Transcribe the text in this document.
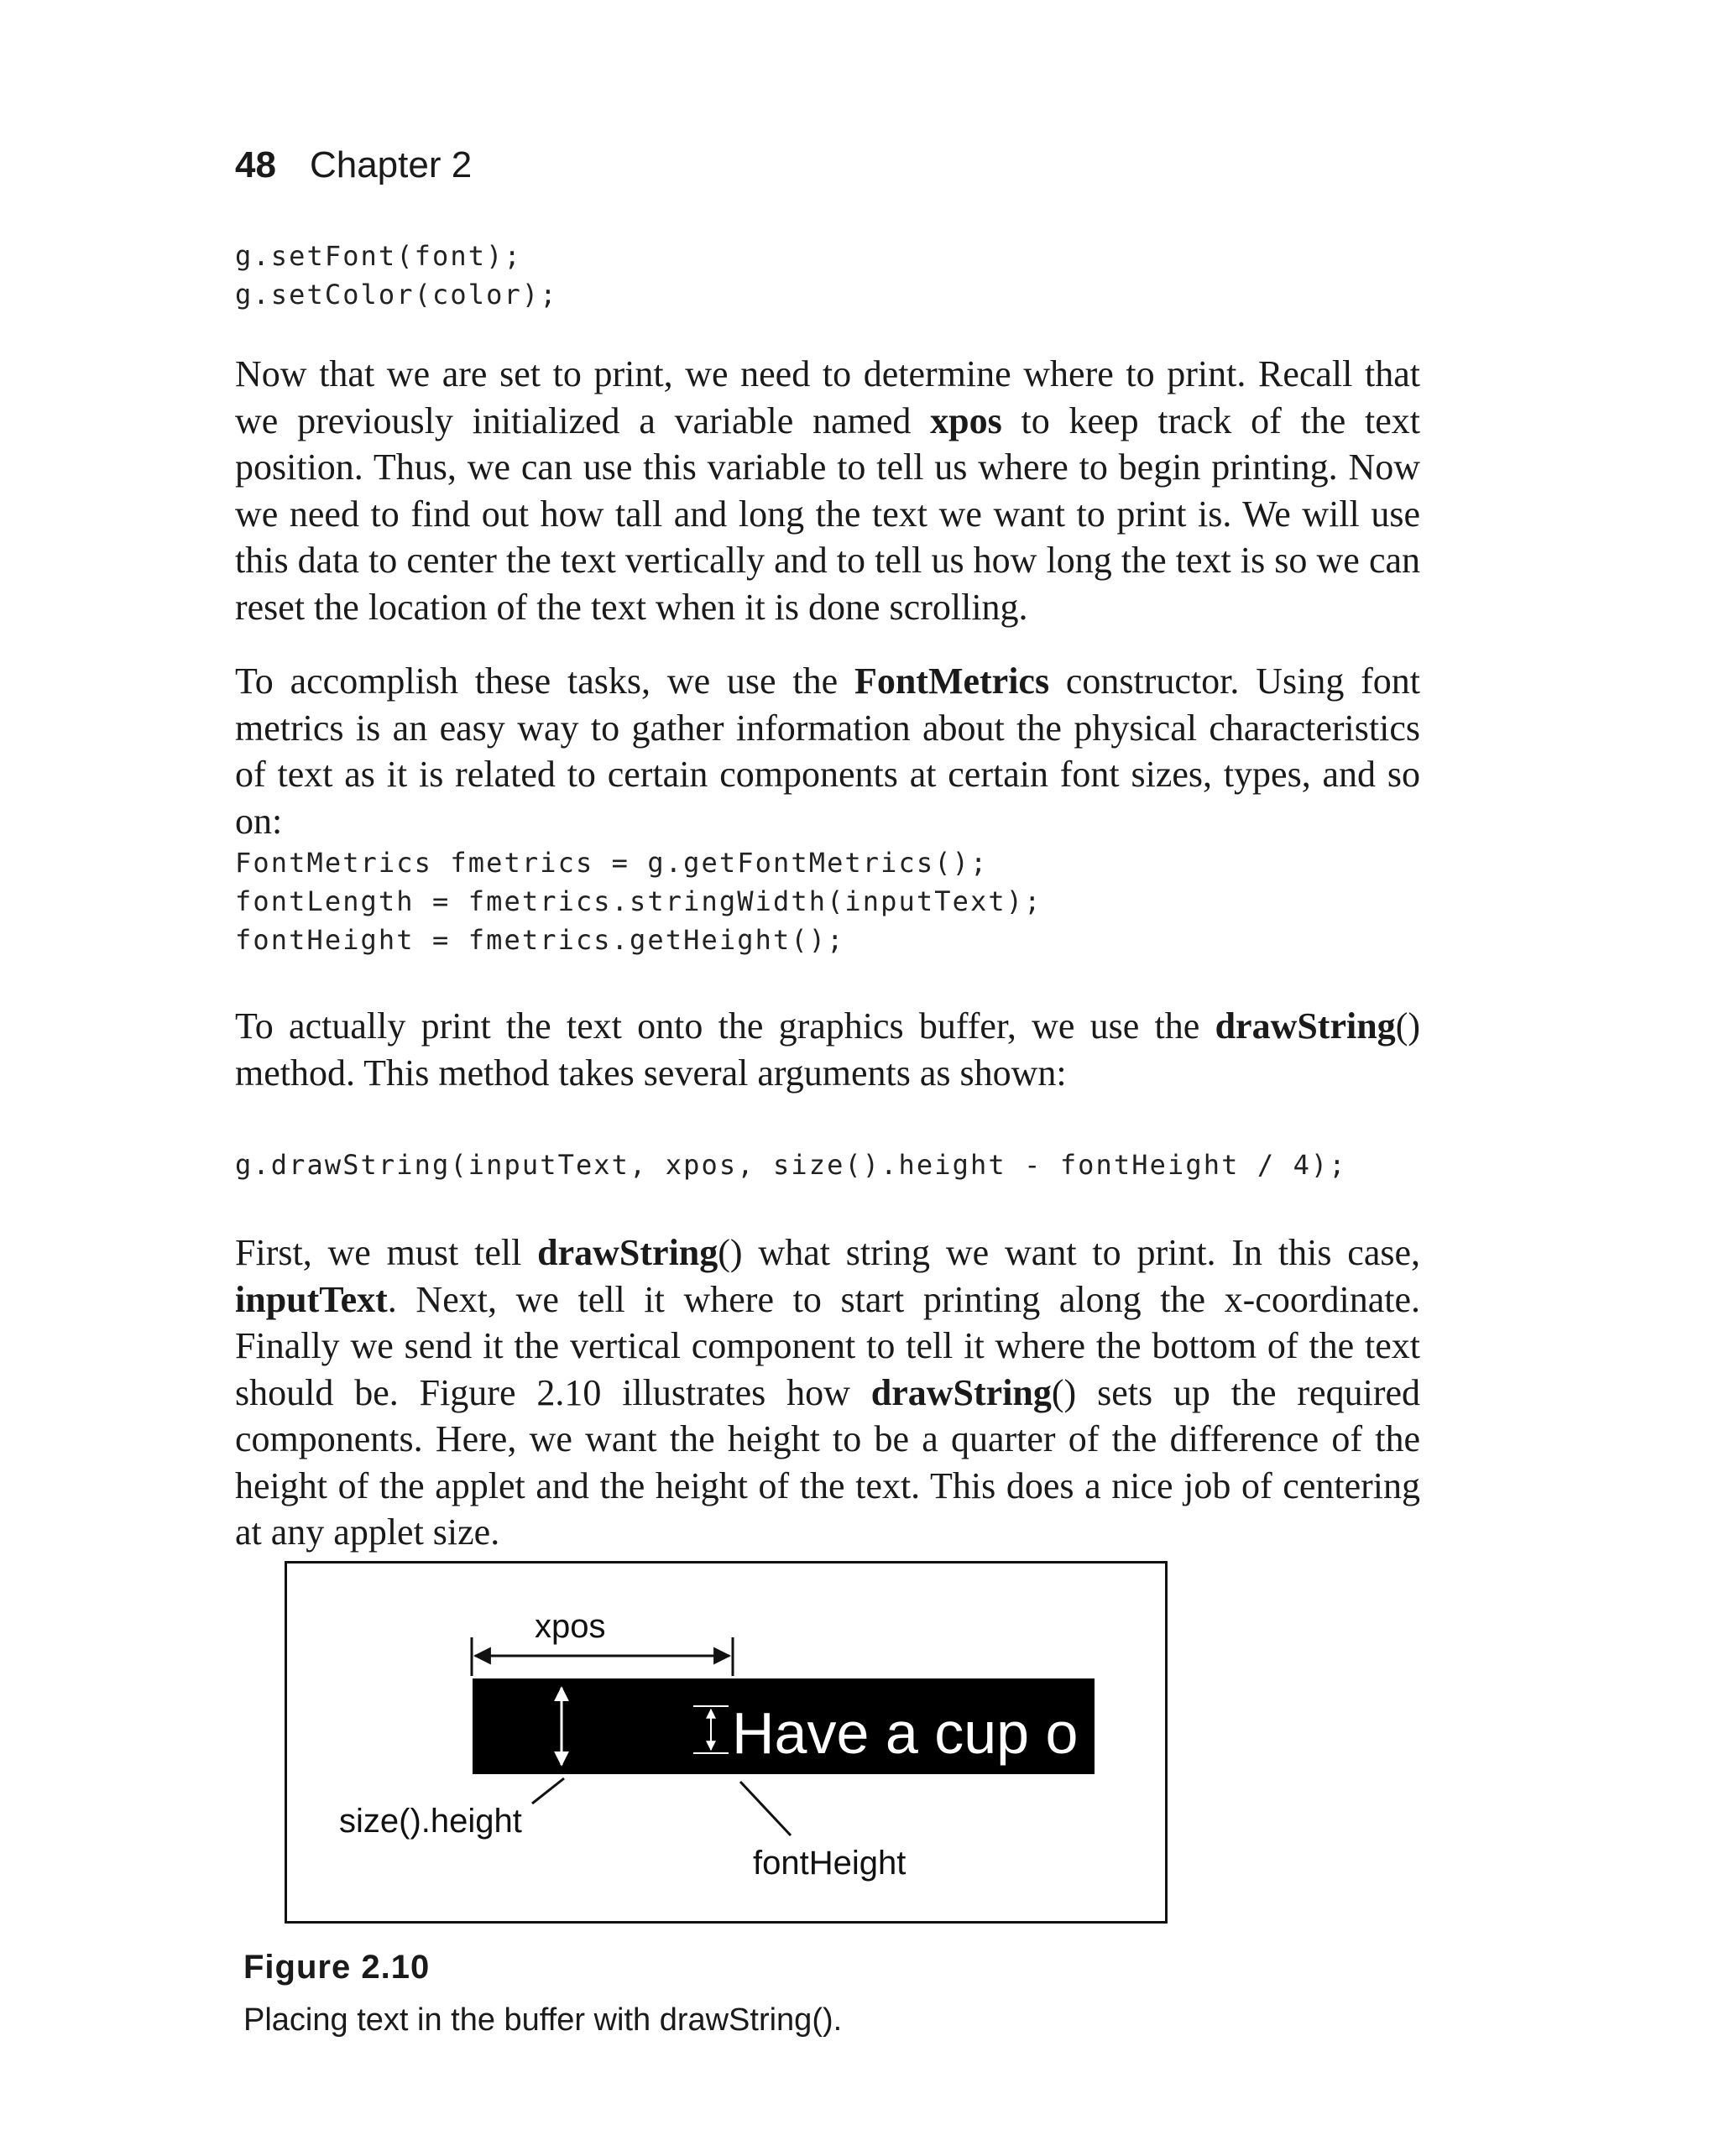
48 Chapter 2
g.setFont(font);
g.setColor(color);

Now that we are set to print, we need to determine where to print. Recall that we previously initialized a variable named xpos to keep track of the text position. Thus, we can use this variable to tell us where to begin printing. Now we need to find out how tall and long the text we want to print is. We will use this data to center the text vertically and to tell us how long the text is so we can reset the location of the text when it is done scrolling.

To accomplish these tasks, we use the FontMetrics constructor. Using font metrics is an easy way to gather information about the physical characteristics of text as it is related to certain components at certain font sizes, types, and so on:

FontMetrics fmetrics = g.getFontMetrics();
fontLength = fmetrics.stringWidth(inputText);
fontHeight = fmetrics.getHeight();

To actually print the text onto the graphics buffer, we use the drawString() method. This method takes several arguments as shown:

g.drawString(inputText, xpos, size().height - fontHeight / 4);

First, we must tell drawString() what string we want to print. In this case, inputText. Next, we tell it where to start printing along the x-coordinate. Finally we send it the vertical component to tell it where the bottom of the text should be. Figure 2.10 illustrates how drawString() sets up the required components. Here, we want the height to be a quarter of the difference of the height of the applet and the height of the text. This does a nice job of centering at any applet size.

xpos
Have a cup o
size().height
fontHeight
Figure 2.10
Placing text in the buffer with drawString().
